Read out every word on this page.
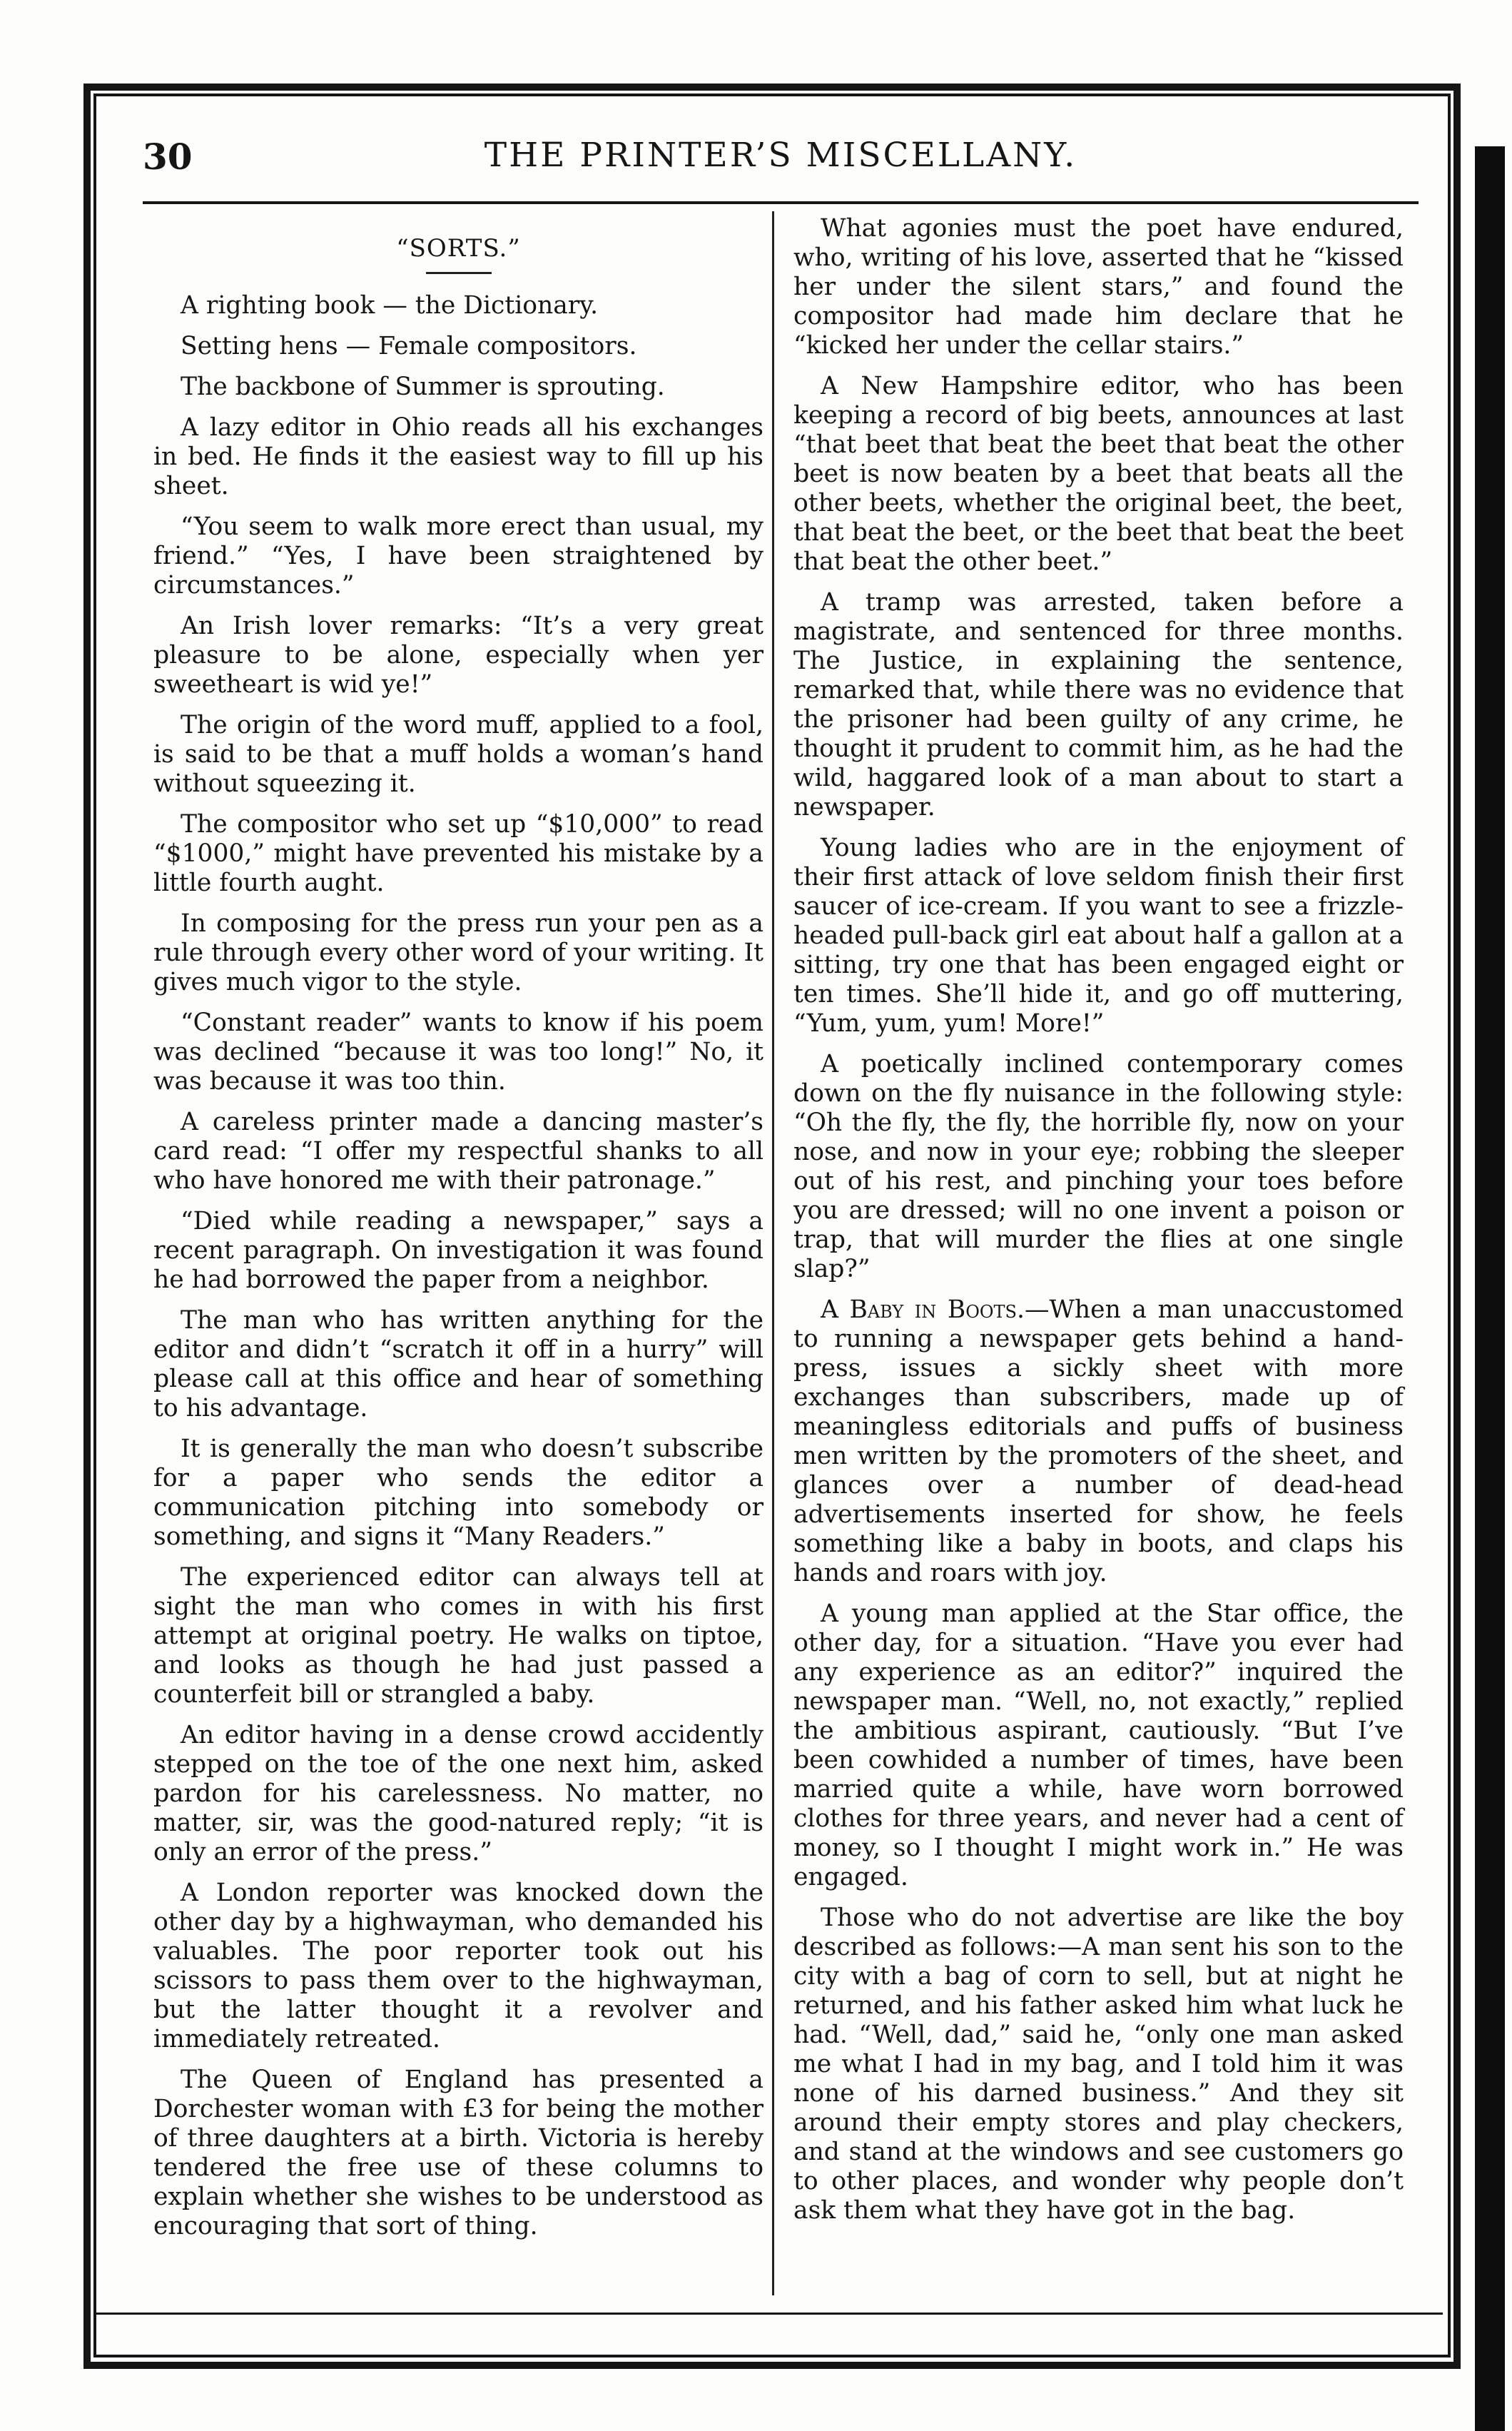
30	THE PRINTER’S MISCELLANY.
“SORTS.”

A righting book — the Dictionary.

Setting hens — Female compositors.

The backbone of Summer is sprouting.

A lazy editor in Ohio reads all his exchanges in bed. He finds it the easiest way to fill up his sheet.

“You seem to walk more erect than usual, my friend.” “Yes, I have been straightened by circumstances.”

An Irish lover remarks: “It’s a very great pleasure to be alone, especially when yer sweetheart is wid ye!”

The origin of the word muff, applied to a fool, is said to be that a muff holds a woman’s hand without squeezing it.

The compositor who set up “$10,000” to read “$1000,” might have prevented his mistake by a little fourth aught.

In composing for the press run your pen as a rule through every other word of your writing. It gives much vigor to the style.

“Constant reader” wants to know if his poem was declined “because it was too long!” No, it was because it was too thin.

A careless printer made a dancing master’s card read: “I offer my respectful shanks to all who have honored me with their patronage.”

“Died while reading a newspaper,” says a recent paragraph. On investigation it was found he had borrowed the paper from a neighbor.

The man who has written anything for the editor and didn’t “scratch it off in a hurry” will please call at this office and hear of something to his advantage.

It is generally the man who doesn’t subscribe for a paper who sends the editor a communication pitching into somebody or something, and signs it “Many Readers.”

The experienced editor can always tell at sight the man who comes in with his first attempt at original poetry. He walks on tiptoe, and looks as though he had just passed a counterfeit bill or strangled a baby.

An editor having in a dense crowd accidently stepped on the toe of the one next him, asked pardon for his carelessness. No matter, no matter, sir, was the good-natured reply; “it is only an error of the press.”

A London reporter was knocked down the other day by a highwayman, who demanded his valuables. The poor reporter took out his scissors to pass them over to the highwayman, but the latter thought it a revolver and immediately retreated.

The Queen of England has presented a Dorchester woman with £3 for being the mother of three daughters at a birth. Victoria is hereby tendered the free use of these columns to explain whether she wishes to be understood as encouraging that sort of thing.

What agonies must the poet have endured, who, writing of his love, asserted that he “kissed her under the silent stars,” and found the compositor had made him declare that he “kicked her under the cellar stairs.”

A New Hampshire editor, who has been keeping a record of big beets, announces at last “that beet that beat the beet that beat the other beet is now beaten by a beet that beats all the other beets, whether the original beet, the beet, that beat the beet, or the beet that beat the beet that beat the other beet.”

A tramp was arrested, taken before a magistrate, and sentenced for three months. The Justice, in explaining the sentence, remarked that, while there was no evidence that the prisoner had been guilty of any crime, he thought it prudent to commit him, as he had the wild, haggared look of a man about to start a newspaper.

Young ladies who are in the enjoyment of their first attack of love seldom finish their first saucer of ice-cream. If you want to see a frizzle-headed pull-back girl eat about half a gallon at a sitting, try one that has been engaged eight or ten times. She’ll hide it, and go off muttering, “Yum, yum, yum! More!”

A poetically inclined contemporary comes down on the fly nuisance in the following style: “Oh the fly, the fly, the horrible fly, now on your nose, and now in your eye; robbing the sleeper out of his rest, and pinching your toes before you are dressed; will no one invent a poison or trap, that will murder the flies at one single slap?”

A Baby in Boots.—When a man unaccustomed to running a newspaper gets behind a hand-press, issues a sickly sheet with more exchanges than subscribers, made up of meaningless editorials and puffs of business men written by the promoters of the sheet, and glances over a number of dead-head advertisements inserted for show, he feels something like a baby in boots, and claps his hands and roars with joy.

A young man applied at the Star office, the other day, for a situation. “Have you ever had any experience as an editor?” inquired the newspaper man. “Well, no, not exactly,” replied the ambitious aspirant, cautiously. “But I’ve been cowhided a number of times, have been married quite a while, have worn borrowed clothes for three years, and never had a cent of money, so I thought I might work in.” He was engaged.

Those who do not advertise are like the boy described as follows:—A man sent his son to the city with a bag of corn to sell, but at night he returned, and his father asked him what luck he had. “Well, dad,” said he, “only one man asked me what I had in my bag, and I told him it was none of his darned business.” And they sit around their empty stores and play checkers, and stand at the windows and see customers go to other places, and wonder why people don’t ask them what they have got in the bag.
